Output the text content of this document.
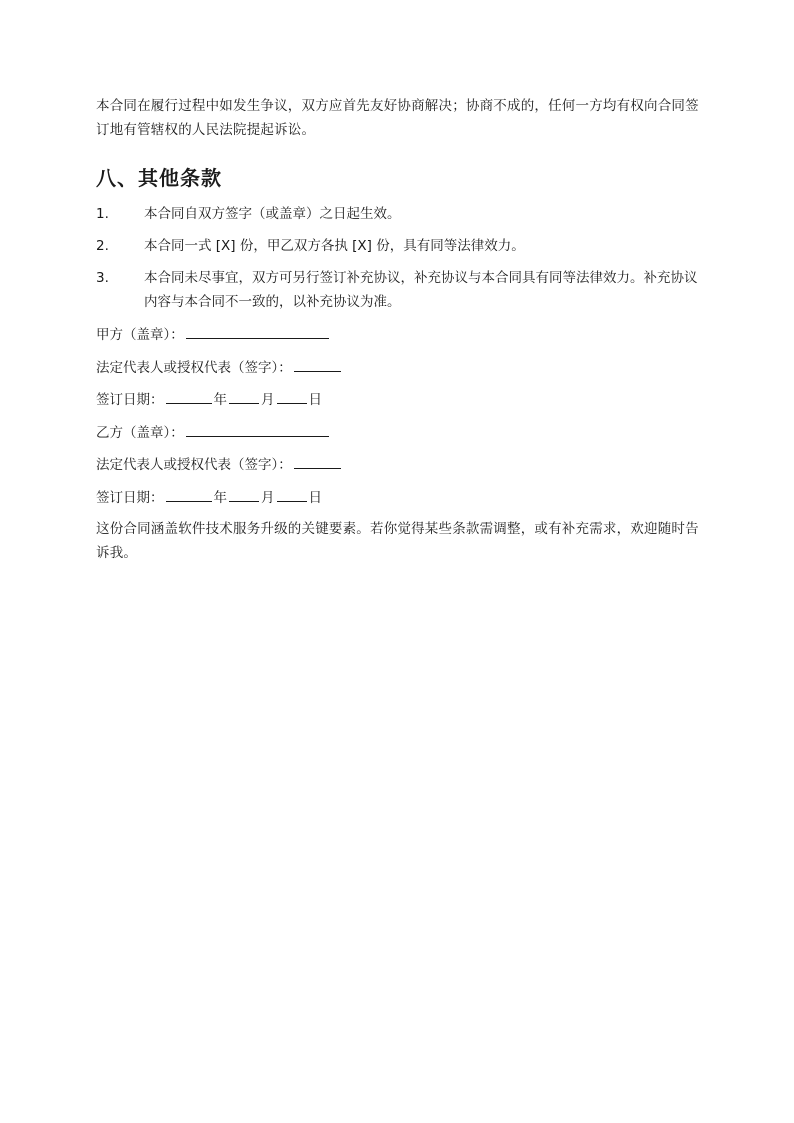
本合同在履行过程中如发生争议，双方应首先友好协商解决；协商不成的，任何一方均有权向合同签订地有管辖权的人民法院提起诉讼。

八、其他条款
1.	本合同自双方签字（或盖章）之日起生效。
2.	本合同一式 [X] 份，甲乙双方各执 [X] 份，具有同等法律效力。
3.	本合同未尽事宜，双方可另行签订补充协议，补充协议与本合同具有同等法律效力。补充协议内容与本合同不一致的，以补充协议为准。

甲方（盖章）：

法定代表人或授权代表（签字）：

签订日期：	年	月	日

乙方（盖章）：

法定代表人或授权代表（签字）：

签订日期：	年	月	日

这份合同涵盖软件技术服务升级的关键要素。若你觉得某些条款需调整，或有补充需求，欢迎随时告诉我。
